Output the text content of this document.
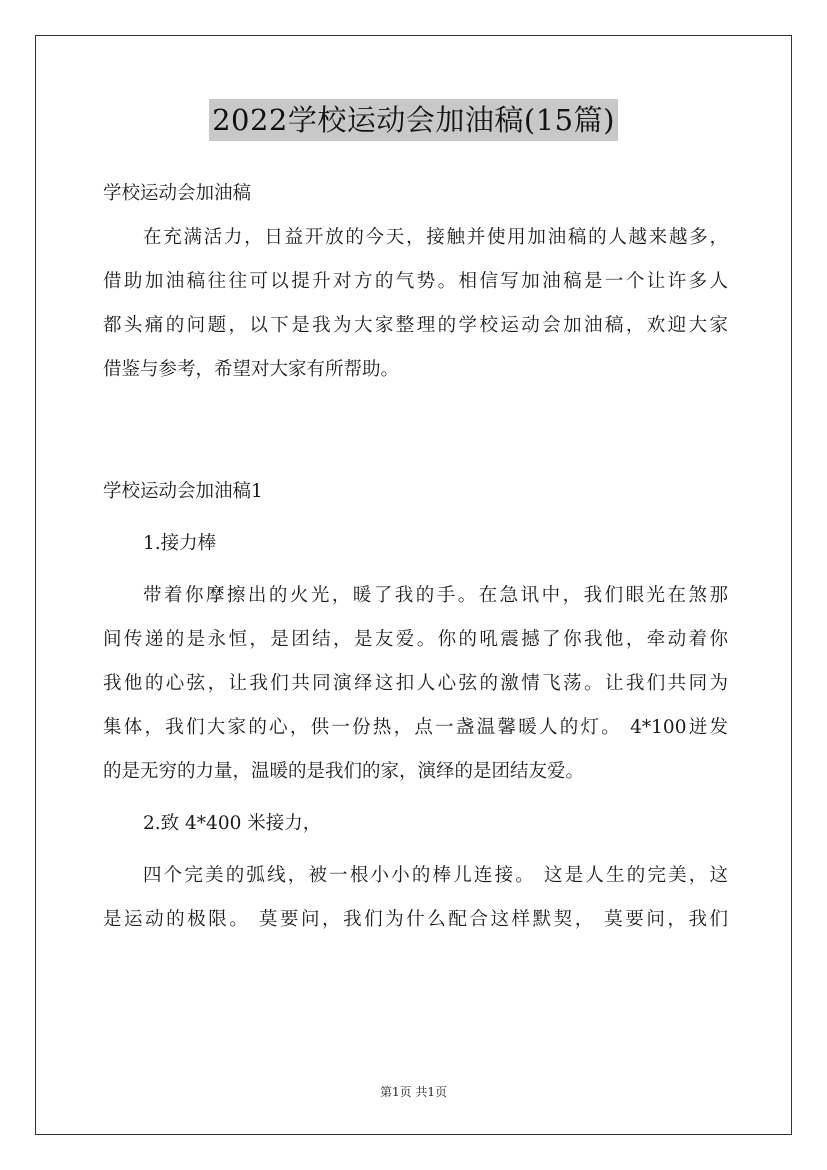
2022学校运动会加油稿(15篇)
学校运动会加油稿
在充满活力，日益开放的今天，接触并使用加油稿的人越来越多，
借助加油稿往往可以提升对方的气势。相信写加油稿是一个让许多人
都头痛的问题，以下是我为大家整理的学校运动会加油稿，欢迎大家
借鉴与参考，希望对大家有所帮助。
学校运动会加油稿1
1.接力棒
带着你摩擦出的火光，暖了我的手。在急讯中，我们眼光在煞那
间传递的是永恒，是团结，是友爱。你的吼震撼了你我他，牵动着你
我他的心弦，让我们共同演绎这扣人心弦的激情飞荡。让我们共同为
集体，我们大家的心，供一份热，点一盏温馨暖人的灯。 4*100迸发
的是无穷的力量，温暖的是我们的家，演绎的是团结友爱。
2.致 4*400 米接力，
四个完美的弧线，被一根小小的棒儿连接。 这是人生的完美，这
是运动的极限。 莫要问，我们为什么配合这样默契， 莫要问，我们
第1页 共1页
